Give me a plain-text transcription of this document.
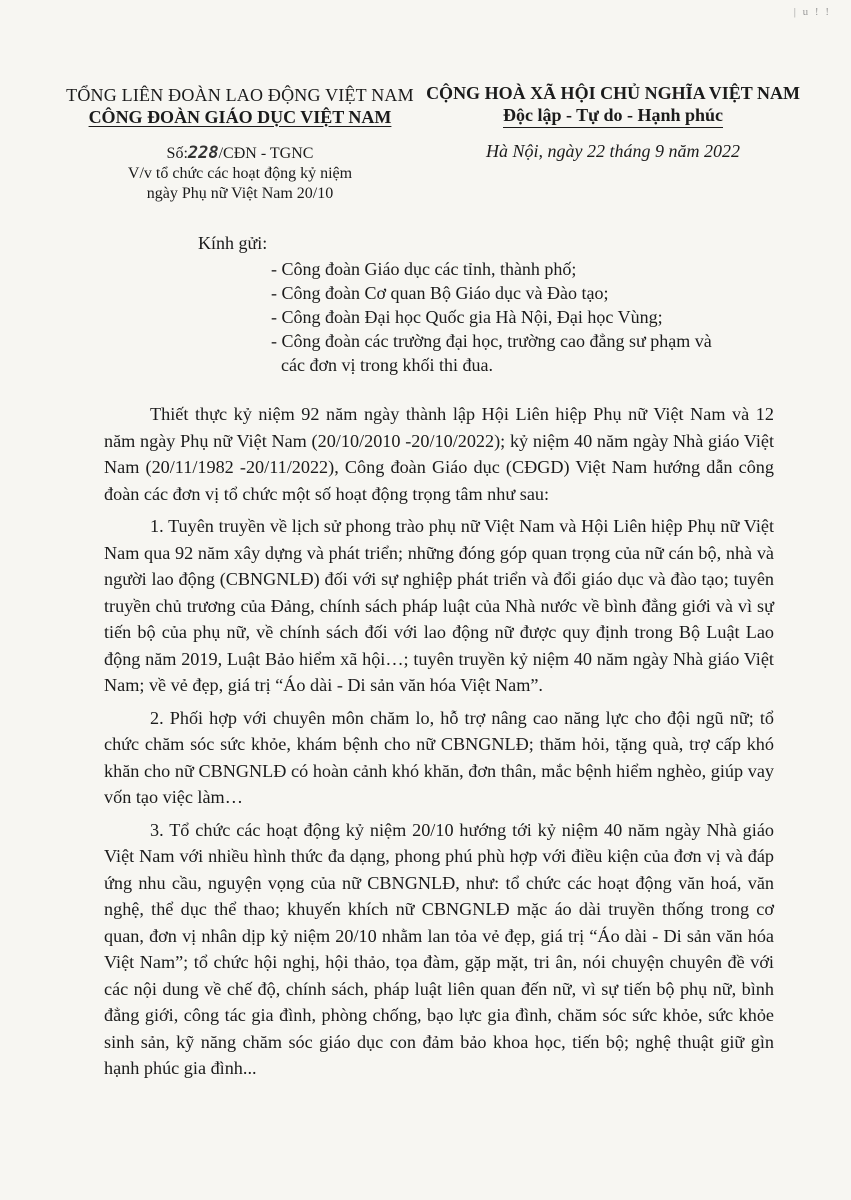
| u ! !
TỔNG LIÊN ĐOÀN LAO ĐỘNG VIỆT NAM
CÔNG ĐOÀN GIÁO DỤC VIỆT NAM
CỘNG HOÀ XÃ HỘI CHỦ NGHĨA VIỆT NAM
Độc lập - Tự do - Hạnh phúc
Số:228/CĐN - TGNC
V/v tổ chức các hoạt động kỷ niệm
ngày Phụ nữ Việt Nam 20/10
Hà Nội, ngày 22 tháng 9 năm 2022
Kính gửi:
- Công đoàn Giáo dục các tỉnh, thành phố;
- Công đoàn Cơ quan Bộ Giáo dục và Đào tạo;
- Công đoàn Đại học Quốc gia Hà Nội, Đại học Vùng;
- Công đoàn các trường đại học, trường cao đẳng sư phạm và
các đơn vị trong khối thi đua.

Thiết thực kỷ niệm 92 năm ngày thành lập Hội Liên hiệp Phụ nữ Việt Nam và 12 năm ngày Phụ nữ Việt Nam (20/10/2010 -20/10/2022); kỷ niệm 40 năm ngày Nhà giáo Việt Nam (20/11/1982 -20/11/2022), Công đoàn Giáo dục (CĐGD) Việt Nam hướng dẫn công đoàn các đơn vị tổ chức một số hoạt động trọng tâm như sau:

1. Tuyên truyền về lịch sử phong trào phụ nữ Việt Nam và Hội Liên hiệp Phụ nữ Việt Nam qua 92 năm xây dựng và phát triển; những đóng góp quan trọng của nữ cán bộ, nhà và người lao động (CBNGNLĐ) đối với sự nghiệp phát triển và đổi giáo dục và đào tạo; tuyên truyền chủ trương của Đảng, chính sách pháp luật của Nhà nước về bình đẳng giới và vì sự tiến bộ của phụ nữ, về chính sách đối với lao động nữ được quy định trong Bộ Luật Lao động năm 2019, Luật Bảo hiểm xã hội…; tuyên truyền kỷ niệm 40 năm ngày Nhà giáo Việt Nam; về vẻ đẹp, giá trị “Áo dài - Di sản văn hóa Việt Nam”.

2. Phối hợp với chuyên môn chăm lo, hỗ trợ nâng cao năng lực cho đội ngũ nữ; tổ chức chăm sóc sức khỏe, khám bệnh cho nữ CBNGNLĐ; thăm hỏi, tặng quà, trợ cấp khó khăn cho nữ CBNGNLĐ có hoàn cảnh khó khăn, đơn thân, mắc bệnh hiểm nghèo, giúp vay vốn tạo việc làm…

3. Tổ chức các hoạt động kỷ niệm 20/10 hướng tới kỷ niệm 40 năm ngày Nhà giáo Việt Nam với nhiều hình thức đa dạng, phong phú phù hợp với điều kiện của đơn vị và đáp ứng nhu cầu, nguyện vọng của nữ CBNGNLĐ, như: tổ chức các hoạt động văn hoá, văn nghệ, thể dục thể thao; khuyến khích nữ CBNGNLĐ mặc áo dài truyền thống trong cơ quan, đơn vị nhân dịp kỷ niệm 20/10 nhằm lan tỏa vẻ đẹp, giá trị “Áo dài - Di sản văn hóa Việt Nam”; tổ chức hội nghị, hội thảo, tọa đàm, gặp mặt, tri ân, nói chuyện chuyên đề với các nội dung về chế độ, chính sách, pháp luật liên quan đến nữ, vì sự tiến bộ phụ nữ, bình đẳng giới, công tác gia đình, phòng chống, bạo lực gia đình, chăm sóc sức khỏe, sức khỏe sinh sản, kỹ năng chăm sóc giáo dục con đảm bảo khoa học, tiến bộ; nghệ thuật giữ gìn hạnh phúc gia đình...
